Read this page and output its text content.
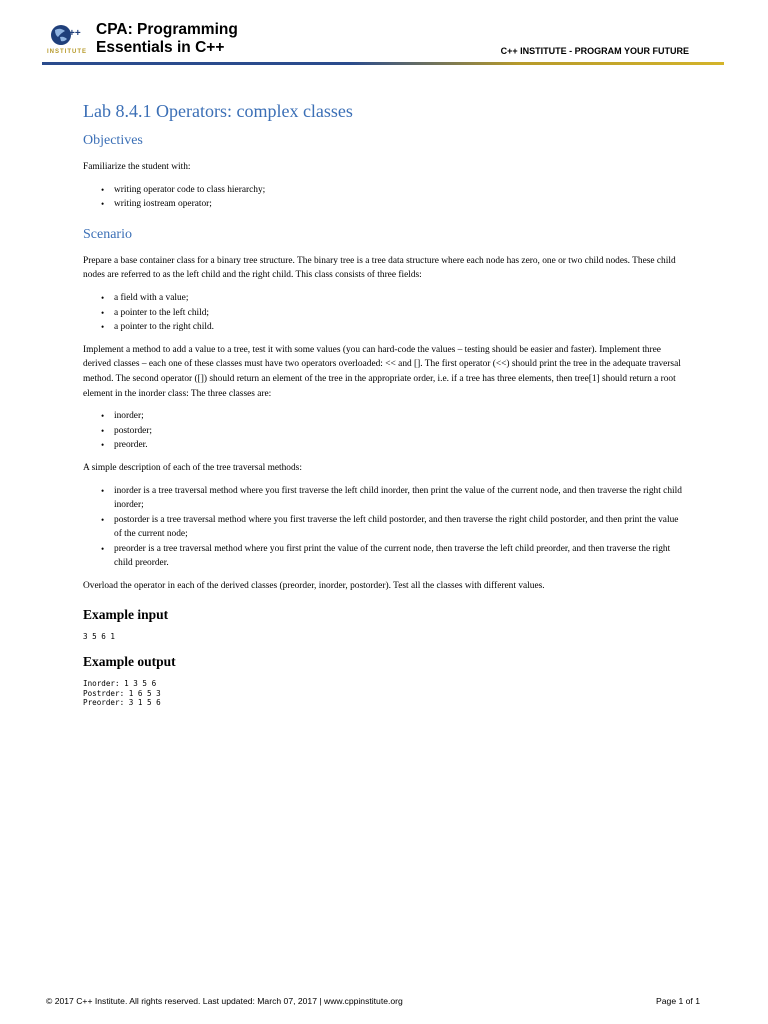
++
INSTITUTE
CPA: Programming
Essentials in C++	C++ INSTITUTE - PROGRAM YOUR FUTURE
Lab 8.4.1 Operators: complex classes
Objectives

Familiarize the student with:

• writing operator code to class hierarchy;
• writing iostream operator;
Scenario

Prepare a base container class for a binary tree structure. The binary tree is a tree data structure where each node has zero, one or two child nodes. These child nodes are referred to as the left child and the right child. This class consists of three fields:

• a field with a value;
• a pointer to the left child;
• a pointer to the right child.

Implement a method to add a value to a tree, test it with some values (you can hard-code the values – testing should be easier and faster). Implement three derived classes – each one of these classes must have two operators overloaded: << and []. The first operator (<<) should print the tree in the adequate traversal method. The second operator ([]) should return an element of the tree in the appropriate order, i.e. if a tree has three elements, then tree[1] should return a root element in the inorder class: The three classes are:

• inorder;
• postorder;
• preorder.

A simple description of each of the tree traversal methods:

• inorder is a tree traversal method where you first traverse the left child inorder, then print the value of the current node, and then traverse the right child inorder;
• postorder is a tree traversal method where you first traverse the left child postorder, and then traverse the right child postorder, and then print the value of the current node;
• preorder is a tree traversal method where you first print the value of the current node, then traverse the left child preorder, and then traverse the right child preorder.

Overload the operator in each of the derived classes (preorder, inorder, postorder). Test all the classes with different values.

Example input
3 5 6 1
Example output
Inorder: 1 3 5 6
Postrder: 1 6 5 3
Preorder: 3 1 5 6
© 2017 C++ Institute. All rights reserved. Last updated: March 07, 2017 | www.cppinstitute.org	Page 1 of 1
